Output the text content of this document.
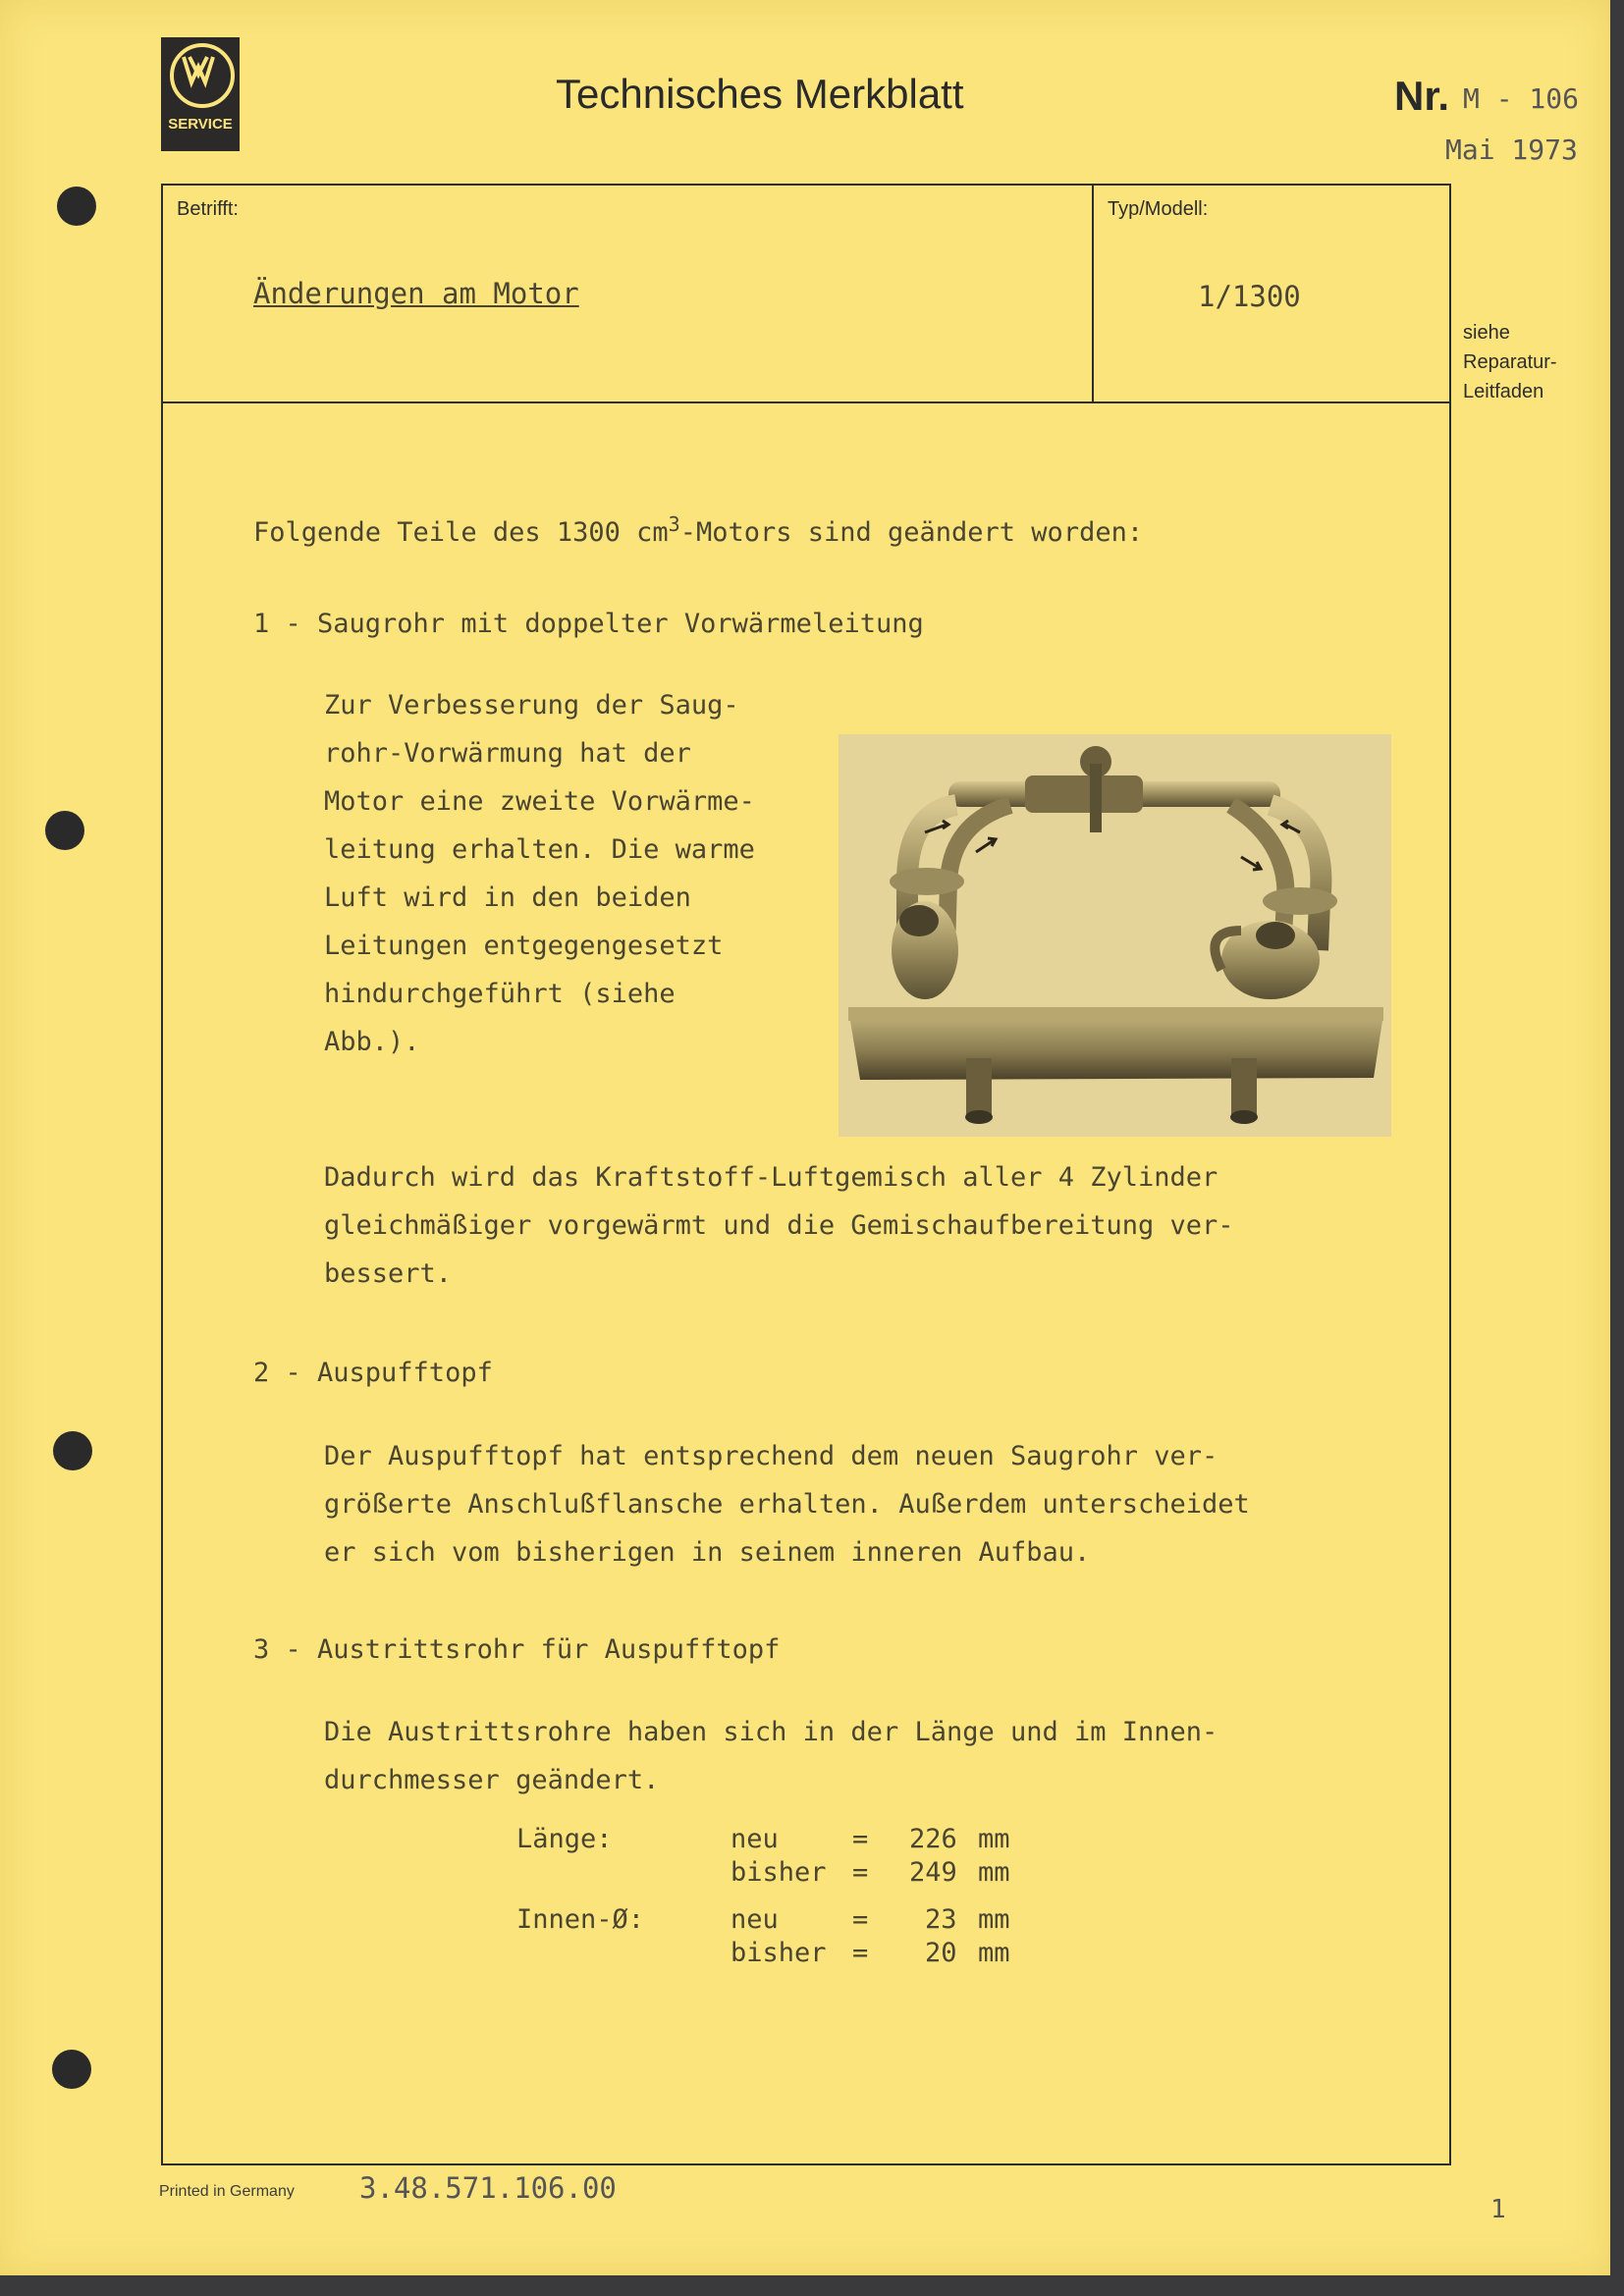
SERVICE
Technisches Merkblatt	Nr. M - 106
Mai 1973
Betrifft:	Typ/Modell:
Änderungen am Motor	1/1300
siehe
Reparatur-
Leitfaden
Folgende Teile des 1300 $cm^3$-Motors sind geändert worden:
1 - Saugrohr mit doppelter Vorwärmeleitung
Zur Verbesserung der Saug-
rohr-Vorwärmung hat der
Motor eine zweite Vorwärme-
leitung erhalten. Die warme
Luft wird in den beiden
Leitungen entgegengesetzt
hindurchgeführt (siehe
Abb.).
Dadurch wird das Kraftstoff-Luftgemisch aller 4 Zylinder
gleichmäßiger vorgewärmt und die Gemischaufbereitung ver-
bessert.
2 - Auspufftopf
Der Auspufftopf hat entsprechend dem neuen Saugrohr ver-
größerte Anschlußflansche erhalten. Außerdem unterscheidet
er sich vom bisherigen in seinem inneren Aufbau.
3 - Austrittsrohr für Auspufftopf
Die Austrittsrohre haben sich in der Länge und im Innen-
durchmesser geändert.
Länge:	neu	= 226 mm
bisher = 249 mm
Innen-Ø:	neu	= 23 mm
bisher = 20 mm
Printed in Germany 3.48.571.106.00
1
